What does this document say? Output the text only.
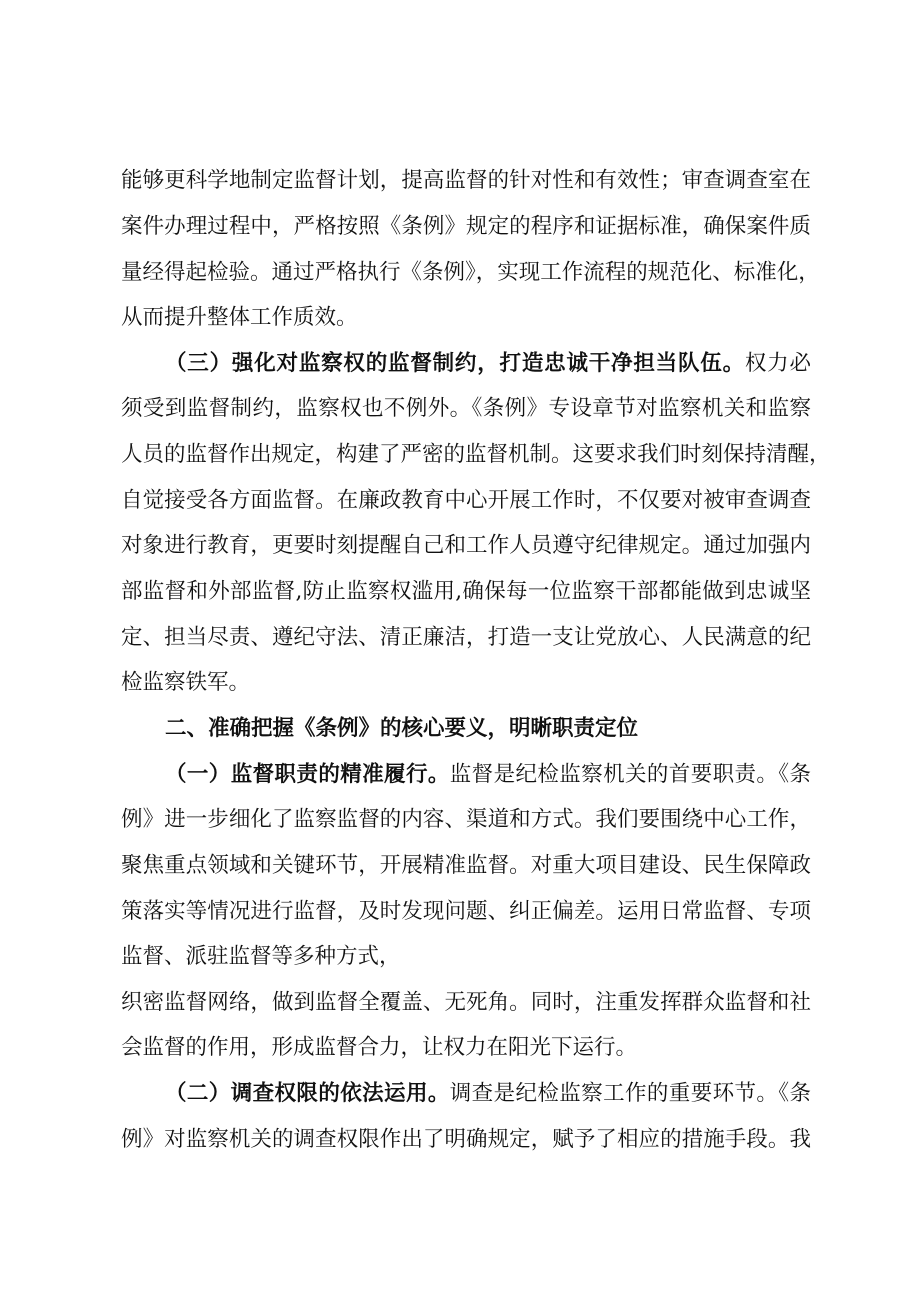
能够更科学地制定监督计划，提高监督的针对性和有效性；审查调查室在
案件办理过程中，严格按照《条例》规定的程序和证据标准，确保案件质
量经得起检验。通过严格执行《条例》，实现工作流程的规范化、标准化，
从而提升整体工作质效。
（三）强化对监察权的监督制约，打造忠诚干净担当队伍。权力必
须受到监督制约，监察权也不例外。《条例》专设章节对监察机关和监察
人员的监督作出规定，构建了严密的监督机制。这要求我们时刻保持清醒，
自觉接受各方面监督。在廉政教育中心开展工作时，不仅要对被审查调查
对象进行教育，更要时刻提醒自己和工作人员遵守纪律规定。通过加强内
部监督和外部监督,防止监察权滥用,确保每一位监察干部都能做到忠诚坚
定、担当尽责、遵纪守法、清正廉洁，打造一支让党放心、人民满意的纪
检监察铁军。
二、准确把握《条例》的核心要义，明晰职责定位
（一）监督职责的精准履行。监督是纪检监察机关的首要职责。《条
例》进一步细化了监察监督的内容、渠道和方式。我们要围绕中心工作，
聚焦重点领域和关键环节，开展精准监督。对重大项目建设、民生保障政
策落实等情况进行监督，及时发现问题、纠正偏差。运用日常监督、专项
监督、派驻监督等多种方式，
织密监督网络，做到监督全覆盖、无死角。同时，注重发挥群众监督和社
会监督的作用，形成监督合力，让权力在阳光下运行。
（二）调查权限的依法运用。调查是纪检监察工作的重要环节。《条
例》对监察机关的调查权限作出了明确规定，赋予了相应的措施手段。我
